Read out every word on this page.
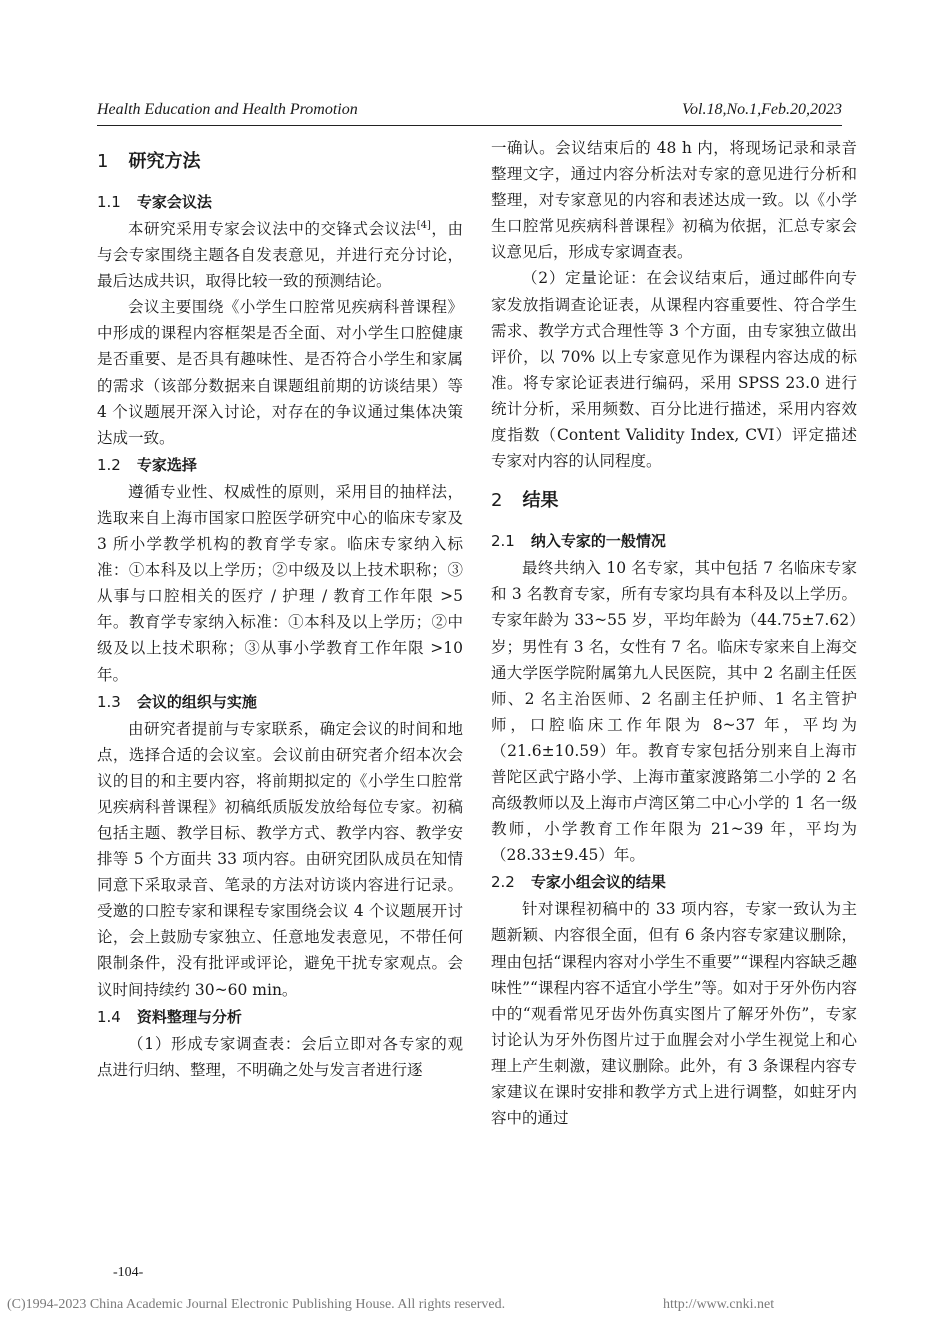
Health Education and Health Promotion	Vol.18,No.1,Feb.20,2023
1 研究方法
1.1 专家会议法

本研究采用专家会议法中的交锋式会议法[4]，由与会专家围绕主题各自发表意见，并进行充分讨论，最后达成共识，取得比较一致的预测结论。

会议主要围绕《小学生口腔常见疾病科普课程》中形成的课程内容框架是否全面、对小学生口腔健康是否重要、是否具有趣味性、是否符合小学生和家属的需求（该部分数据来自课题组前期的访谈结果）等 4 个议题展开深入讨论，对存在的争议通过集体决策达成一致。

1.2 专家选择

遵循专业性、权威性的原则，采用目的抽样法，选取来自上海市国家口腔医学研究中心的临床专家及 3 所小学教学机构的教育学专家。临床专家纳入标准：①本科及以上学历；②中级及以上技术职称；③从事与口腔相关的医疗 / 护理 / 教育工作年限 >5 年。教育学专家纳入标准：①本科及以上学历；②中级及以上技术职称；③从事小学教育工作年限 >10 年。

1.3 会议的组织与实施

由研究者提前与专家联系，确定会议的时间和地点，选择合适的会议室。会议前由研究者介绍本次会议的目的和主要内容，将前期拟定的《小学生口腔常见疾病科普课程》初稿纸质版发放给每位专家。初稿包括主题、教学目标、教学方式、教学内容、教学安排等 5 个方面共 33 项内容。由研究团队成员在知情同意下采取录音、笔录的方法对访谈内容进行记录。受邀的口腔专家和课程专家围绕会议 4 个议题展开讨论，会上鼓励专家独立、任意地发表意见，不带任何限制条件，没有批评或评论，避免干扰专家观点。会议时间持续约 30~60 min。

1.4 资料整理与分析

（1）形成专家调查表：会后立即对各专家的观点进行归纳、整理，不明确之处与发言者进行逐

一确认。会议结束后的 48 h 内，将现场记录和录音整理文字，通过内容分析法对专家的意见进行分析和整理，对专家意见的内容和表述达成一致。以《小学生口腔常见疾病科普课程》初稿为依据，汇总专家会议意见后，形成专家调查表。

（2）定量论证：在会议结束后，通过邮件向专家发放指调查论证表，从课程内容重要性、符合学生需求、教学方式合理性等 3 个方面，由专家独立做出评价，以 70% 以上专家意见作为课程内容达成的标准。将专家论证表进行编码，采用 SPSS 23.0 进行统计分析，采用频数、百分比进行描述，采用内容效度指数（Content Validity Index, CVI）评定描述专家对内容的认同程度。

2 结果
2.1 纳入专家的一般情况

最终共纳入 10 名专家，其中包括 7 名临床专家和 3 名教育专家，所有专家均具有本科及以上学历。专家年龄为 33~55 岁，平均年龄为（44.75±7.62）岁；男性有 3 名，女性有 7 名。临床专家来自上海交通大学医学院附属第九人民医院，其中 2 名副主任医师、2 名主治医师、2 名副主任护师、1 名主管护师，口腔临床工作年限为 8~37 年，平均为（21.6±10.59）年。教育专家包括分别来自上海市普陀区武宁路小学、上海市董家渡路第二小学的 2 名高级教师以及上海市卢湾区第二中心小学的 1 名一级教师，小学教育工作年限为 21~39 年，平均为（28.33±9.45）年。

2.2 专家小组会议的结果

针对课程初稿中的 33 项内容，专家一致认为主题新颖、内容很全面，但有 6 条内容专家建议删除，理由包括“课程内容对小学生不重要”“课程内容缺乏趣味性”“课程内容不适宜小学生”等。如对于牙外伤内容中的“观看常见牙齿外伤真实图片了解牙外伤”，专家讨论认为牙外伤图片过于血腥会对小学生视觉上和心理上产生刺激，建议删除。此外，有 3 条课程内容专家建议在课时安排和教学方式上进行调整，如蛀牙内容中的通过

-104-
(C)1994-2023 China Academic Journal Electronic Publishing House. All rights reserved.	http://www.cnki.net
